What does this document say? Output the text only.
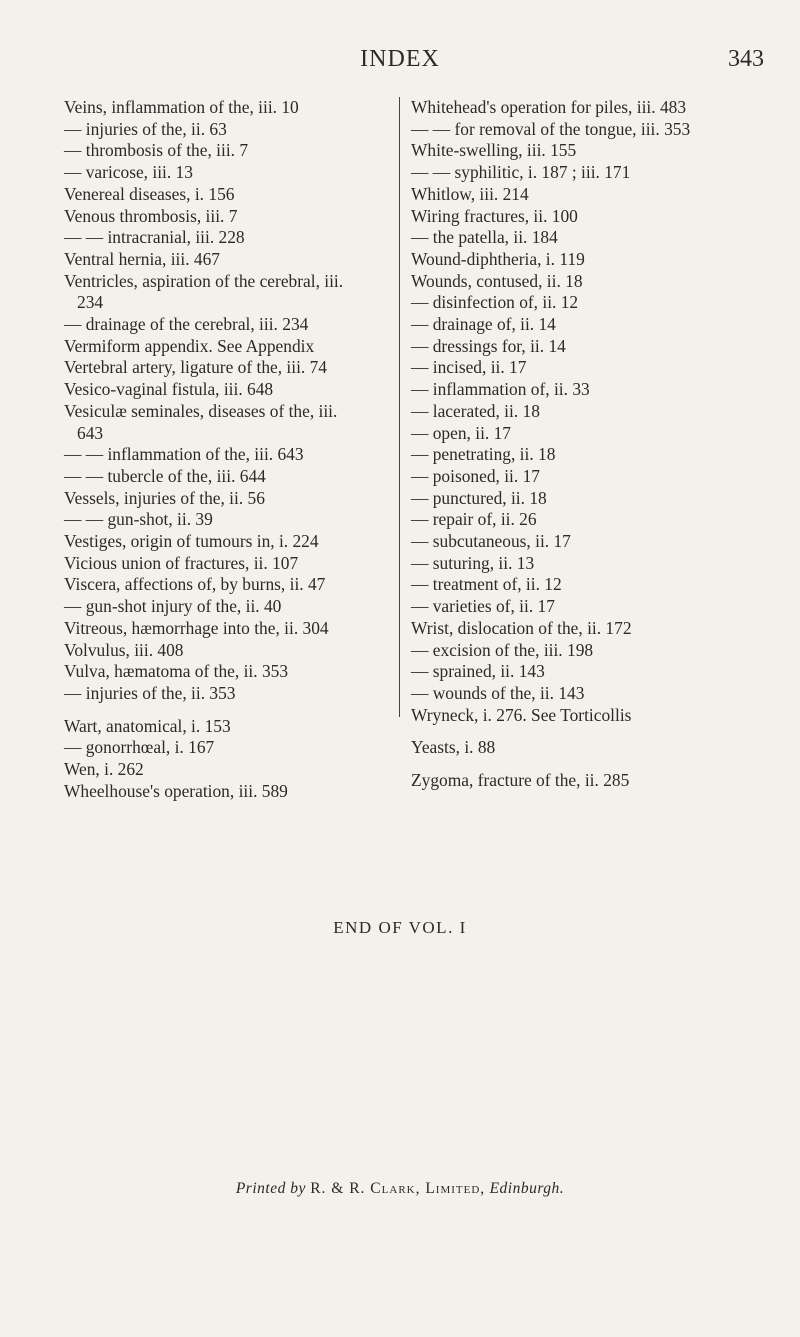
INDEX	343
Veins, inflammation of the, iii. 10
— injuries of the, ii. 63
— thrombosis of the, iii. 7
— varicose, iii. 13
Venereal diseases, i. 156
Venous thrombosis, iii. 7
— — intracranial, iii. 228
Ventral hernia, iii. 467
Ventricles, aspiration of the cerebral, iii.
234
— drainage of the cerebral, iii. 234
Vermiform appendix. See Appendix
Vertebral artery, ligature of the, iii. 74
Vesico-vaginal fistula, iii. 648
Vesiculæ seminales, diseases of the, iii.
643
— — inflammation of the, iii. 643
— — tubercle of the, iii. 644
Vessels, injuries of the, ii. 56
— — gun-shot, ii. 39
Vestiges, origin of tumours in, i. 224
Vicious union of fractures, ii. 107
Viscera, affections of, by burns, ii. 47
— gun-shot injury of the, ii. 40
Vitreous, hæmorrhage into the, ii. 304
Volvulus, iii. 408
Vulva, hæmatoma of the, ii. 353
— injuries of the, ii. 353
Wart, anatomical, i. 153
— gonorrhœal, i. 167
Wen, i. 262
Wheelhouse's operation, iii. 589
Whitehead's operation for piles, iii. 483
— — for removal of the tongue, iii. 353
White-swelling, iii. 155
— — syphilitic, i. 187 ; iii. 171
Whitlow, iii. 214
Wiring fractures, ii. 100
— the patella, ii. 184
Wound-diphtheria, i. 119
Wounds, contused, ii. 18
— disinfection of, ii. 12
— drainage of, ii. 14
— dressings for, ii. 14
— incised, ii. 17
— inflammation of, ii. 33
— lacerated, ii. 18
— open, ii. 17
— penetrating, ii. 18
— poisoned, ii. 17
— punctured, ii. 18
— repair of, ii. 26
— subcutaneous, ii. 17
— suturing, ii. 13
— treatment of, ii. 12
— varieties of, ii. 17
Wrist, dislocation of the, ii. 172
— excision of the, iii. 198
— sprained, ii. 143
— wounds of the, ii. 143
Wryneck, i. 276. See Torticollis
Yeasts, i. 88
Zygoma, fracture of the, ii. 285
END OF VOL. I
Printed by R. & R. Clark, Limited, Edinburgh.
